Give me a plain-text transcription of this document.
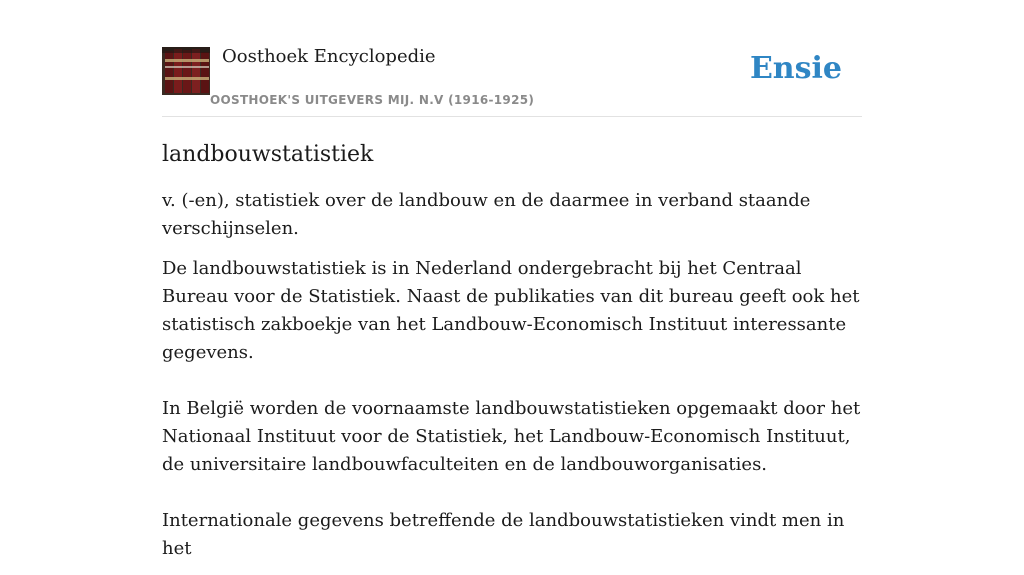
Oosthoek Encyclopedie
OOSTHOEK'S UITGEVERS MIJ. N.V (1916-1925)
Ensie
landbouwstatistiek

v. (-en), statistiek over de landbouw en de daarmee in verband staande verschijnselen.

De landbouwstatistiek is in Nederland ondergebracht bij het Centraal Bureau voor de Statistiek. Naast de publikaties van dit bureau geeft ook het statistisch zakboekje van het Landbouw-Economisch Instituut interessante gegevens.

In België worden de voornaamste landbouwstatistieken opgemaakt door het Nationaal Instituut voor de Statistiek, het Landbouw-Economisch Instituut, de universitaire landbouwfaculteiten en de landbouworganisaties.

Internationale gegevens betreffende de landbouwstatistieken vindt men in het
